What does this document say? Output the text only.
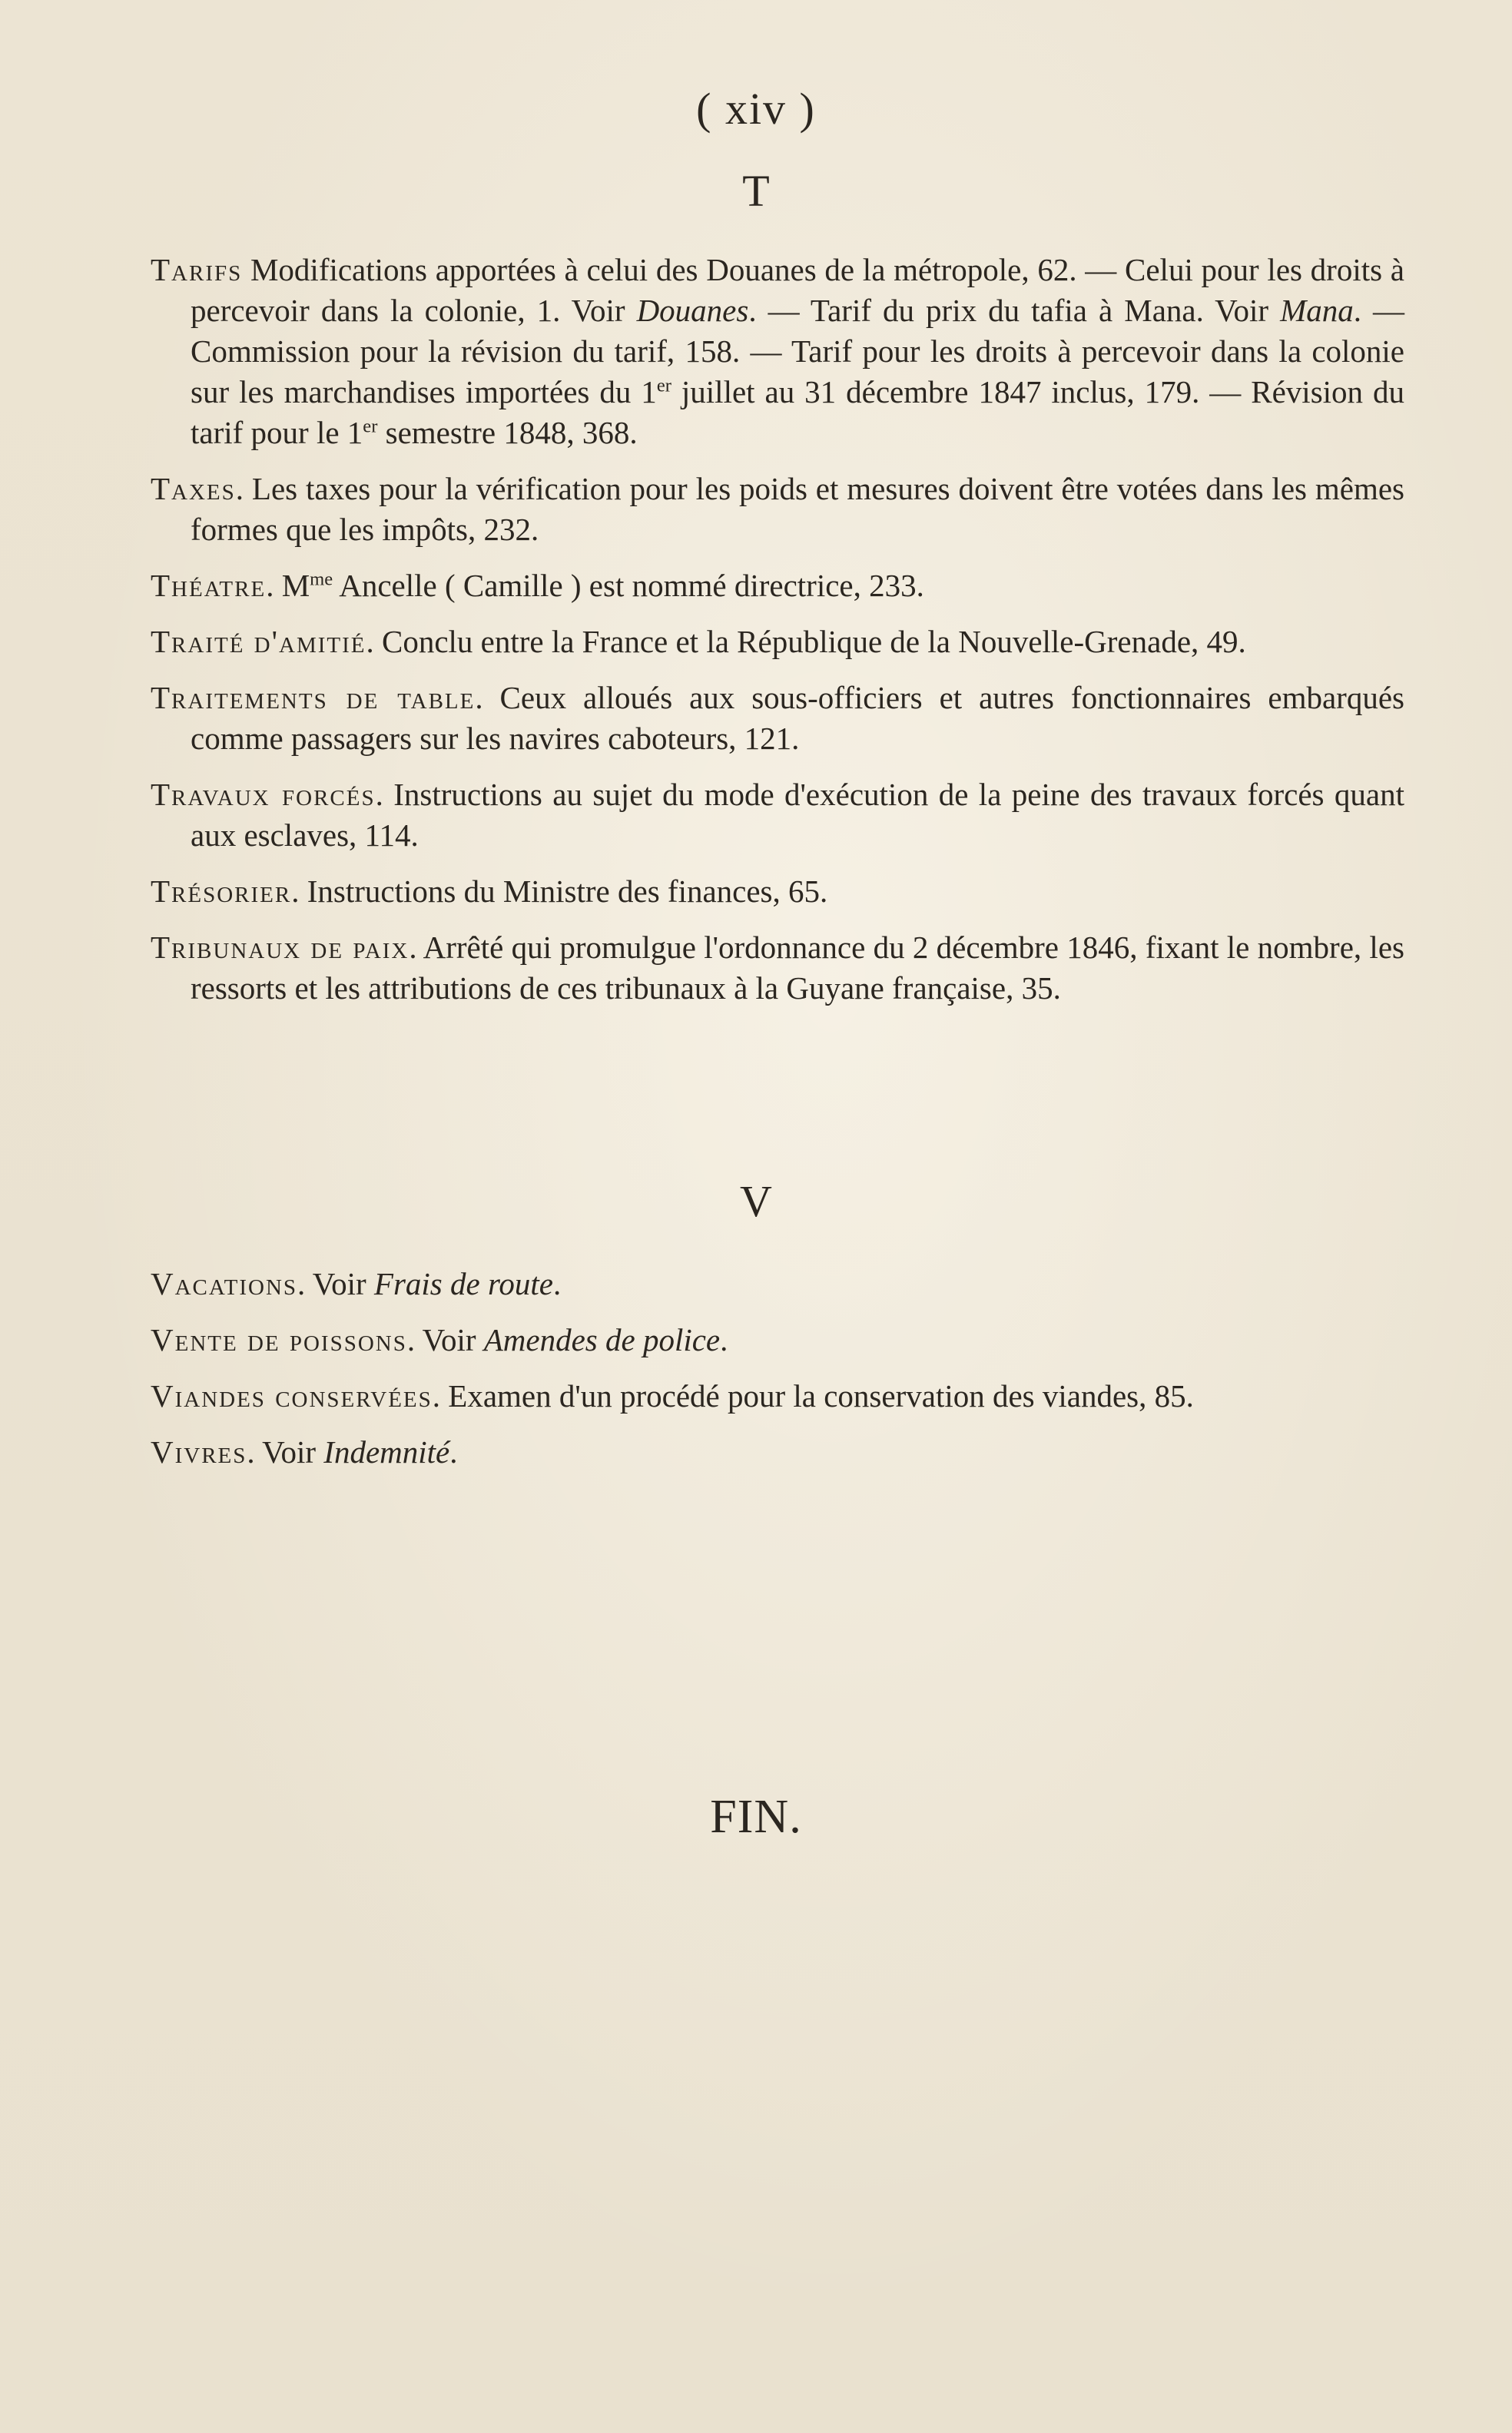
( xiv )
T
Tarifs Modifications apportées à celui des Douanes de la métropole, 62. — Celui pour les droits à percevoir dans la colonie, 1. Voir Douanes. — Tarif du prix du tafia à Mana. Voir Mana. — Commission pour la révision du tarif, 158. — Tarif pour les droits à percevoir dans la colonie sur les marchandises importées du 1er juillet au 31 décembre 1847 inclus, 179. — Révision du tarif pour le 1er semestre 1848, 368.
Taxes. Les taxes pour la vérification pour les poids et mesures doivent être votées dans les mêmes formes que les impôts, 232.
Théatre. $M^{me}$ Ancelle ( Camille ) est nommé directrice, 233.
Traité d'amitié. Conclu entre la France et la République de la Nouvelle-Grenade, 49.
Traitements de table. Ceux alloués aux sous-officiers et autres fonctionnaires embarqués comme passagers sur les navires caboteurs, 121.
Travaux forcés. Instructions au sujet du mode d'exécution de la peine des travaux forcés quant aux esclaves, 114.
Trésorier. Instructions du Ministre des finances, 65.
Tribunaux de paix. Arrêté qui promulgue l'ordonnance du 2 décembre 1846, fixant le nombre, les ressorts et les attributions de ces tribunaux à la Guyane française, 35.
V
Vacations. Voir Frais de route.
Vente de poissons. Voir Amendes de police.
Viandes conservées. Examen d'un procédé pour la conservation des viandes, 85.
Vivres. Voir Indemnité.
FIN.
